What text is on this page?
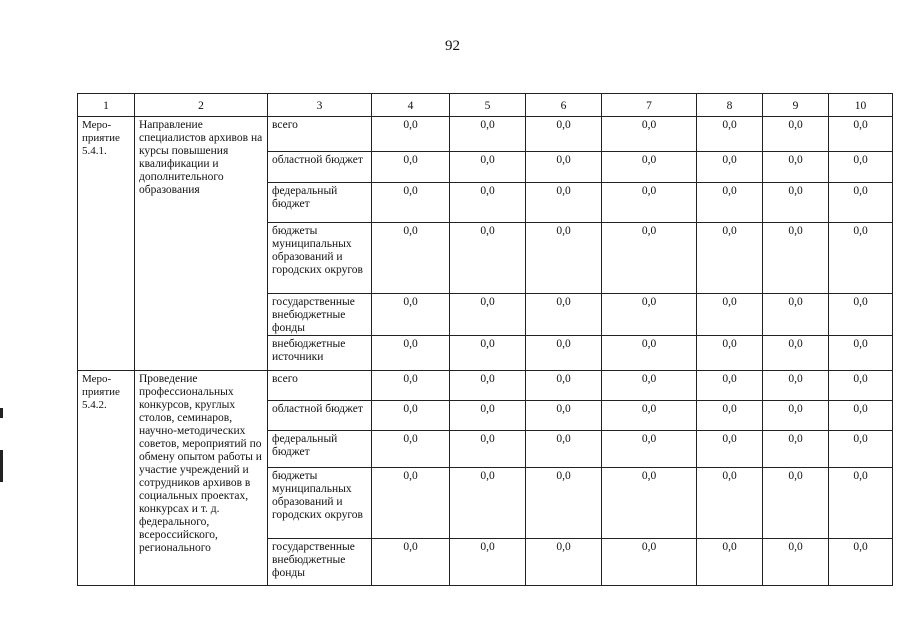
92
1	2	3	4	5	6	7	8	9	10
Меро-приятие 5.4.1.	Направление специалистов архивов на курсы повышения квалификации и дополнительного образования	всего	0,0	0,0	0,0	0,0	0,0	0,0	0,0
		областной бюджет	0,0	0,0	0,0	0,0	0,0	0,0	0,0
		федеральный бюджет	0,0	0,0	0,0	0,0	0,0	0,0	0,0
		бюджеты муниципальных образований и городских округов	0,0	0,0	0,0	0,0	0,0	0,0	0,0
		государственные внебюджетные фонды	0,0	0,0	0,0	0,0	0,0	0,0	0,0
		внебюджетные источники	0,0	0,0	0,0	0,0	0,0	0,0	0,0
Меро-приятие 5.4.2.	Проведение профессиональных конкурсов, круглых столов, семинаров, научно-методических советов, мероприятий по обмену опытом работы и участие учреждений и сотрудников архивов в социальных проектах, конкурсах и т. д. федерального, всероссийского, регионального	всего	0,0	0,0	0,0	0,0	0,0	0,0	0,0
		областной бюджет	0,0	0,0	0,0	0,0	0,0	0,0	0,0
		федеральный бюджет	0,0	0,0	0,0	0,0	0,0	0,0	0,0
		бюджеты муниципальных образований и городских округов	0,0	0,0	0,0	0,0	0,0	0,0	0,0
		государственные внебюджетные фонды	0,0	0,0	0,0	0,0	0,0	0,0	0,0
